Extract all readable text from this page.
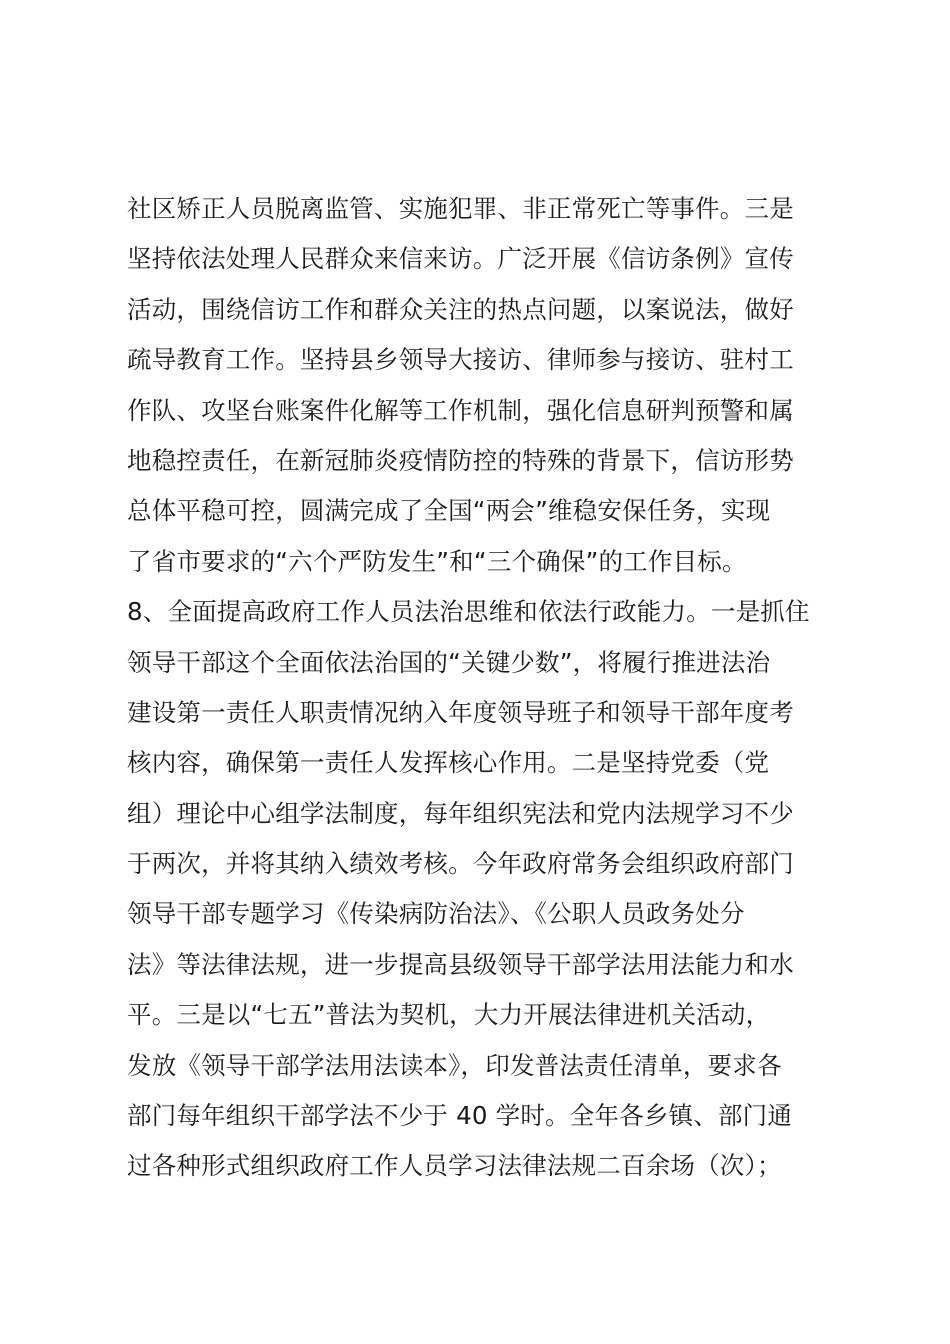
社区矫正人员脱离监管、实施犯罪、非正常死亡等事件。三是
坚持依法处理人民群众来信来访。广泛开展《信访条例》宣传
活动，围绕信访工作和群众关注的热点问题，以案说法，做好
疏导教育工作。坚持县乡领导大接访、律师参与接访、驻村工
作队、攻坚台账案件化解等工作机制，强化信息研判预警和属
地稳控责任，在新冠肺炎疫情防控的特殊的背景下，信访形势
总体平稳可控，圆满完成了全国“两会”维稳安保任务，实现
了省市要求的“六个严防发生”和“三个确保”的工作目标。
8、全面提高政府工作人员法治思维和依法行政能力。一是抓住
领导干部这个全面依法治国的“关键少数”，将履行推进法治
建设第一责任人职责情况纳入年度领导班子和领导干部年度考
核内容，确保第一责任人发挥核心作用。二是坚持党委（党
组）理论中心组学法制度，每年组织宪法和党内法规学习不少
于两次，并将其纳入绩效考核。今年政府常务会组织政府部门
领导干部专题学习《传染病防治法》、《公职人员政务处分
法》等法律法规，进一步提高县级领导干部学法用法能力和水
平。三是以“七五”普法为契机，大力开展法律进机关活动，
发放《领导干部学法用法读本》，印发普法责任清单，要求各
部门每年组织干部学法不少于 40 学时。全年各乡镇、部门通
过各种形式组织政府工作人员学习法律法规二百余场（次）；
